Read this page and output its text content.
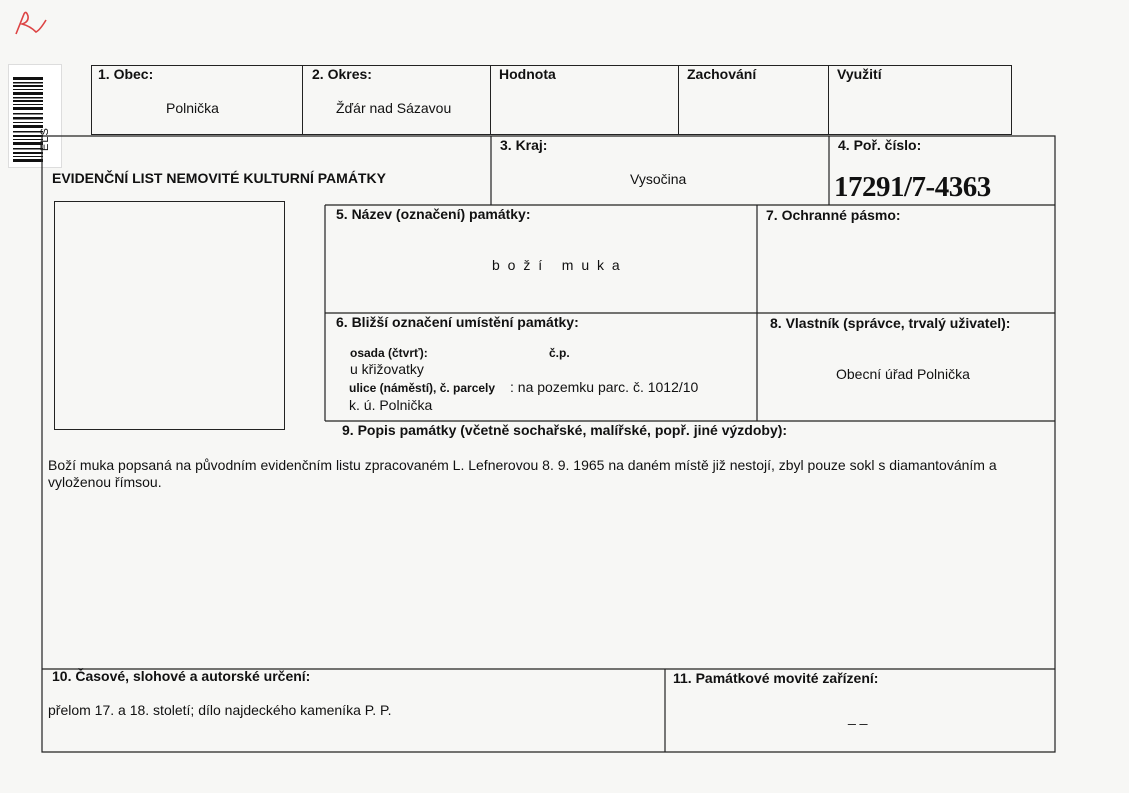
ELS
1. Obec:
Polnička
2. Okres:
Žďár nad Sázavou
Hodnota	Zachování	Využití
EVIDENČNÍ LIST NEMOVITÉ KULTURNÍ PAMÁTKY
3. Kraj:
Vysočina
4. Poř. číslo:
17291/7-4363
5. Název (označení) památky:
b o ž í   m u k a
7. Ochranné pásmo:
6. Bližší označení umístění památky:
osada (čtvrť):	č.p.
u křižovatky
ulice (náměstí), č. parcely : na pozemku parc. č. 1012/10
k. ú. Polnička
8. Vlastník (správce, trvalý uživatel):
Obecní úřad Polnička
9. Popis památky (včetně sochařské, malířské, popř. jiné výzdoby):
Boží muka popsaná na původním evidenčním listu zpracovaném L. Lefnerovou 8. 9. 1965 na daném místě již nestojí, zbyl pouze sokl s diamantováním a vyloženou římsou.
10. Časové, slohové a autorské určení:
přelom 17. a 18. století; dílo najdeckého kameníka P. P.
11. Památkové movité zařízení:
_ _
